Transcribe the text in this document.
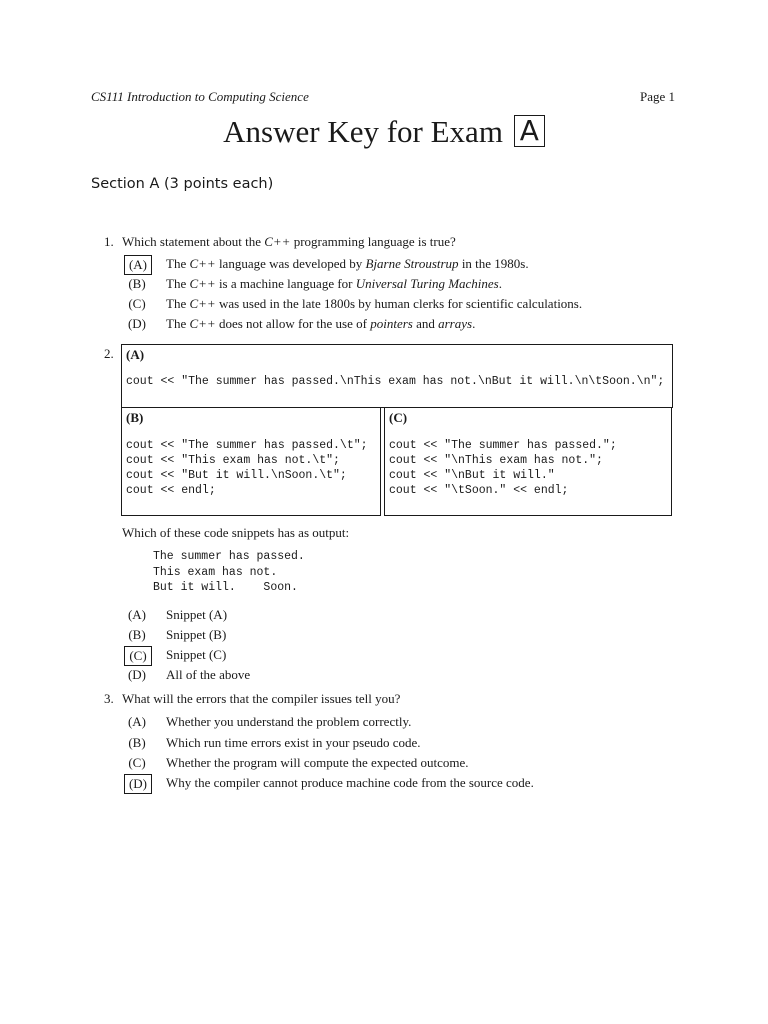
CS111 Introduction to Computing Science	Page 1
Answer Key for Exam A
Section A (3 points each)
1. Which statement about the C++ programming language is true?
(A)	The C++ language was developed by Bjarne Stroustrup in the 1980s.
(B)	The C++ is a machine language for Universal Turing Machines.
(C)	The C++ was used in the late 1800s by human clerks for scientific calculations.
(D)	The C++ does not allow for the use of pointers and arrays.
2. (A)
cout << "The summer has passed.\nThis exam has not.\nBut it will.\n\tSoon.\n";
(B)
cout << "The summer has passed.\t";
cout << "This exam has not.\t";
cout << "But it will.\nSoon.\t";
cout << endl;
(C)
cout << "The summer has passed.";
cout << "\nThis exam has not.";
cout << "\nBut it will."
cout << "\tSoon." << endl;
Which of these code snippets has as output:
The summer has passed.
This exam has not.
But it will.    Soon.
(A)	Snippet (A)
(B)	Snippet (B)
(C)	Snippet (C)
(D)	All of the above
3. What will the errors that the compiler issues tell you?
(A)	Whether you understand the problem correctly.
(B)	Which run time errors exist in your pseudo code.
(C)	Whether the program will compute the expected outcome.
(D)	Why the compiler cannot produce machine code from the source code.
